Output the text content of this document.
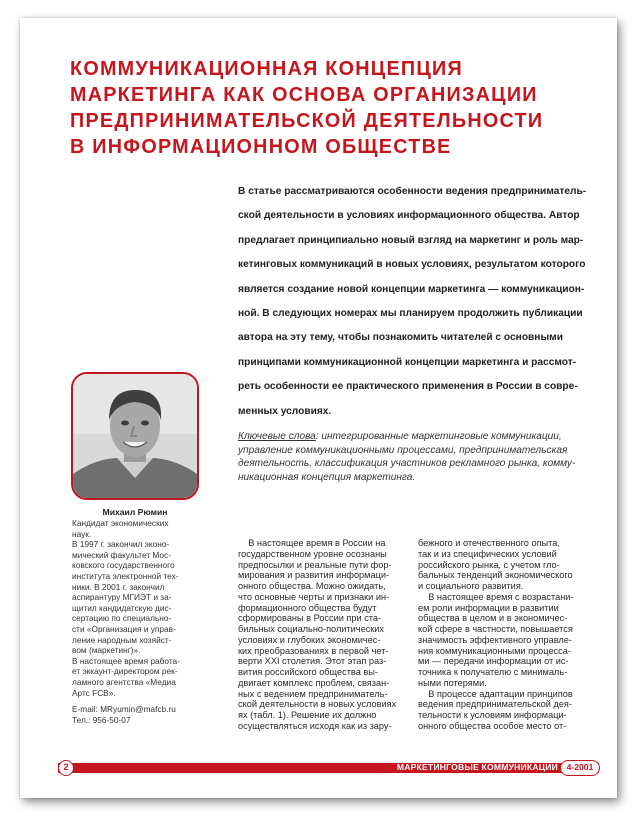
КОММУНИКАЦИОННАЯ КОНЦЕПЦИЯ
МАРКЕТИНГА КАК ОСНОВА ОРГАНИЗАЦИИ
ПРЕДПРИНИМАТЕЛЬСКОЙ ДЕЯТЕЛЬНОСТИ
В ИНФОРМАЦИОННОМ ОБЩЕСТВЕ
В статье рассматриваются особенности ведения предприниматель-
ской деятельности в условиях информационного общества. Автор
предлагает принципиально новый взгляд на маркетинг и роль мар-
кетинговых коммуникаций в новых условиях, результатом которого
является создание новой концепции маркетинга — коммуникацион-
ной. В следующих номерах мы планируем продолжить публикации
автора на эту тему, чтобы познакомить читателей с основными
принципами коммуникационной концепции маркетинга и рассмот-
реть особенности ее практического применения в России в совре-
менных условиях.
Ключевые слова: интегрированные маркетинговые коммуникации,
управление коммуникационными процессами, предпринимательская
деятельность, классификация участников рекламного рынка, комму-
никационная концепция маркетинга.
Михаил Рюмин
Кандидат экономических
наук.
В 1997 г. закончил эконо-
мический факультет Мос-
ковского государственного
института электронной тех-
ники. В 2001 г. закончил
аспирантуру МГИЭТ и за-
щитил кандидатскую дис-
сертацию по специально-
сти «Организация и управ-
ление народным хозяйст-
вом (маркетинг)».
В настоящее время работа-
ет эккаунт-директором рек-
ламного агентства «Медиа
Артс FCB».
E-mail: MRyumin@mafcb.ru
Тел.: 956-50-07
В настоящее время в России на
государственном уровне осознаны
предпосылки и реальные пути фор-
мирования и развития информаци-
онного общества. Можно ожидать,
что основные черты и признаки ин-
формационного общества будут
сформированы в России при ста-
бильных социально-политических
условиях и глубоких экономичес-
ких преобразованиях в первой чет-
верти XXI столетия. Этот этап раз-
вития российского общества вы-
двигает комплекс проблем, связан-
ных с ведением предприниматель-
ской деятельности в новых условиях
ях (табл. 1). Решение их должно
осуществляться исходя как из зару-
бежного и отечественного опыта,
так и из специфических условий
российского рынка, с учетом гло-
бальных тенденций экономического
и социального развития.
В настоящее время с возрастани-
ем роли информации в развитии
общества в целом и в экономичес-
кой сфере в частности, повышается
значимость эффективного управле-
ния коммуникационными процесса-
ми — передачи информации от ис-
точника к получателю с минималь-
ными потерями.
В процессе адаптации принципов
ведения предпринимательской дея-
тельности к условиям информаци-
онного общества особое место от-
2	МАРКЕТИНГОВЫЕ КОММУНИКАЦИИ	4-2001
